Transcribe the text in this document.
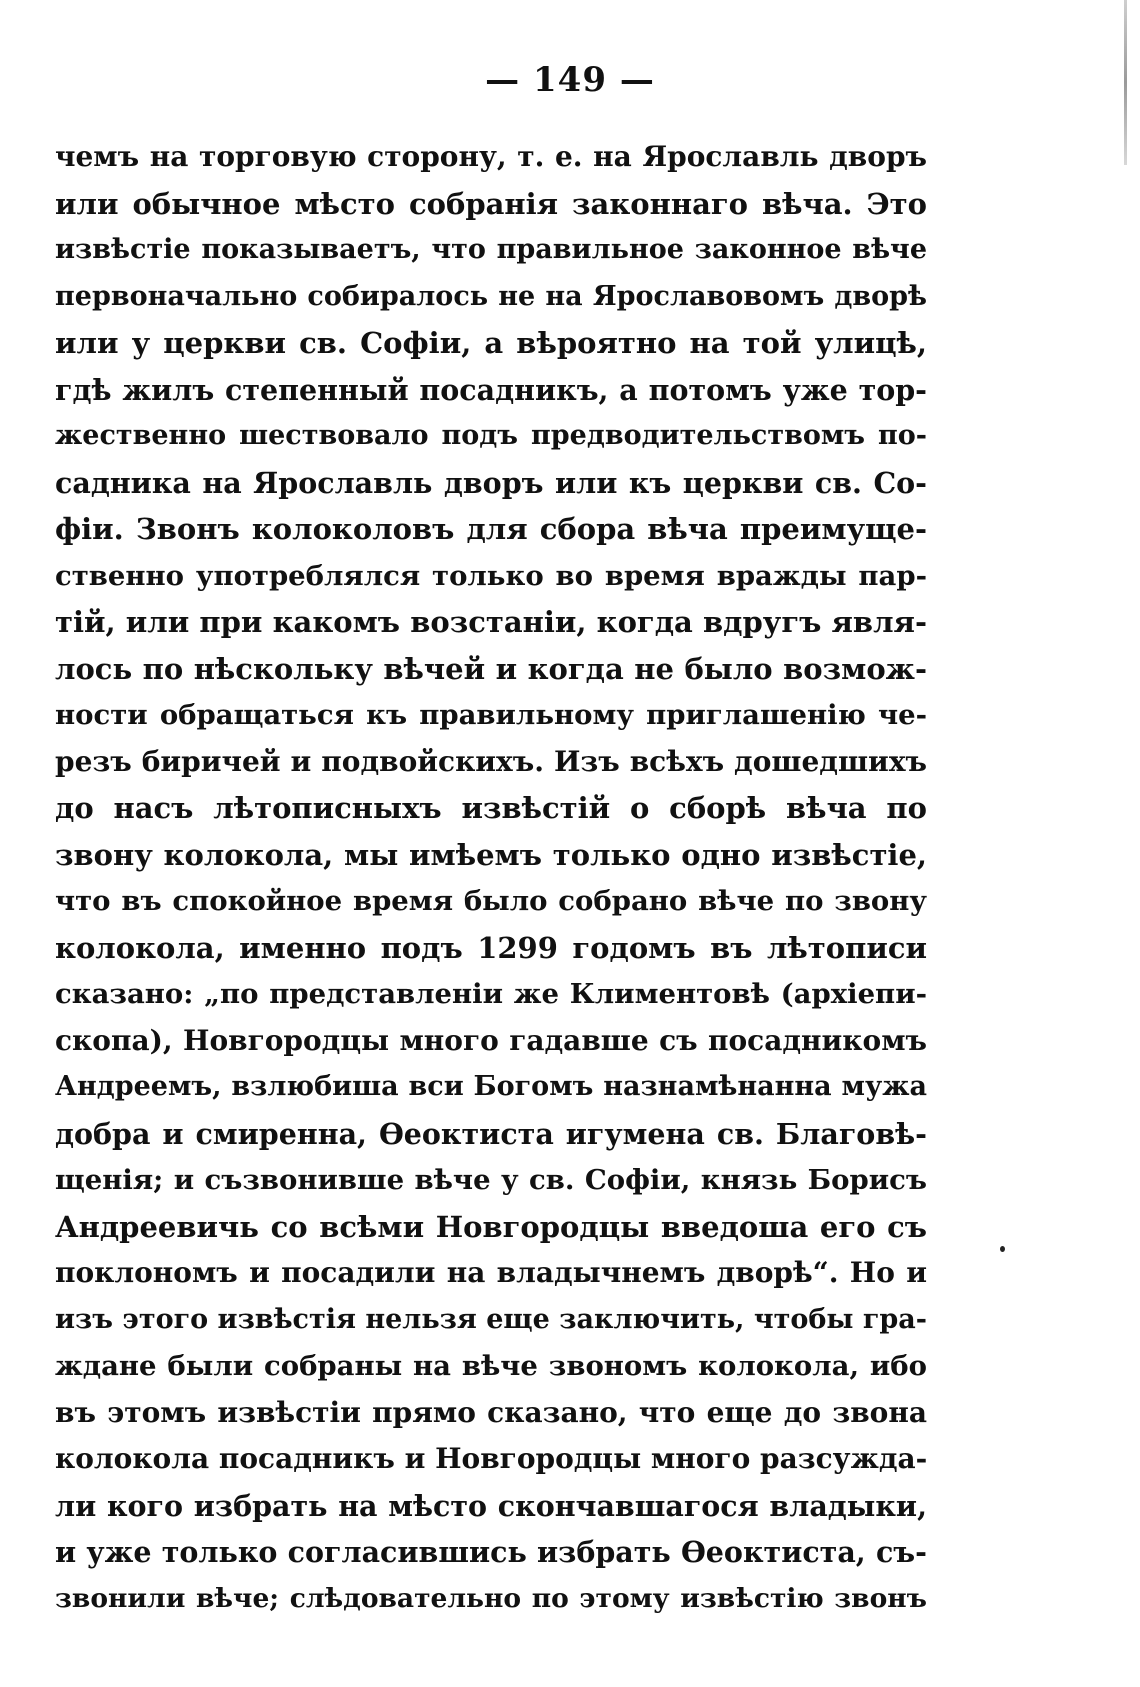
— 149 —
чемъ на торговую сторону, т. е. на Ярославль дворъ
или обычное мѣсто собранія законнаго вѣча. Это
извѣстіе показываетъ, что правильное законное вѣче
первоначально собиралось не на Ярославовомъ дворѣ
или у церкви св. Софіи, а вѣроятно на той улицѣ,
гдѣ жилъ степенный посадникъ, а потомъ уже тор-
жественно шествовало подъ предводительствомъ по-
садника на Ярославль дворъ или къ церкви св. Со-
фіи. Звонъ колоколовъ для сбора вѣча преимуще-
ственно употреблялся только во время вражды пар-
тій, или при какомъ возстаніи, когда вдругъ явля-
лось по нѣскольку вѣчей и когда не было возмож-
ности обращаться къ правильному приглашенію че-
резъ биричей и подвойскихъ. Изъ всѣхъ дошедшихъ
до насъ лѣтописныхъ извѣстій о сборѣ вѣча по
звону колокола, мы имѣемъ только одно извѣстіе,
что въ спокойное время было собрано вѣче по звону
колокола, именно подъ 1299 годомъ въ лѣтописи
сказано: „по представленіи же Климентовѣ (архіепи-
скопа), Новгородцы много гадавше съ посадникомъ
Андреемъ, взлюбиша вси Богомъ назнамѣнанна мужа
добра и смиренна, Ѳеоктиста игумена св. Благовѣ-
щенія; и съзвонивше вѣче у св. Софіи, князь Борисъ
Андреевичь со всѣми Новгородцы введоша его съ
поклономъ и посадили на владычнемъ дворѣ“. Но и
изъ этого извѣстія нельзя еще заключить, чтобы гра-
ждане были собраны на вѣче звономъ колокола, ибо
въ этомъ извѣстіи прямо сказано, что еще до звона
колокола посадникъ и Новгородцы много разсужда-
ли кого избрать на мѣсто скончавшагося владыки,
и уже только согласившись избрать Ѳеоктиста, съ-
звонили вѣче; слѣдовательно по этому извѣстію звонъ
